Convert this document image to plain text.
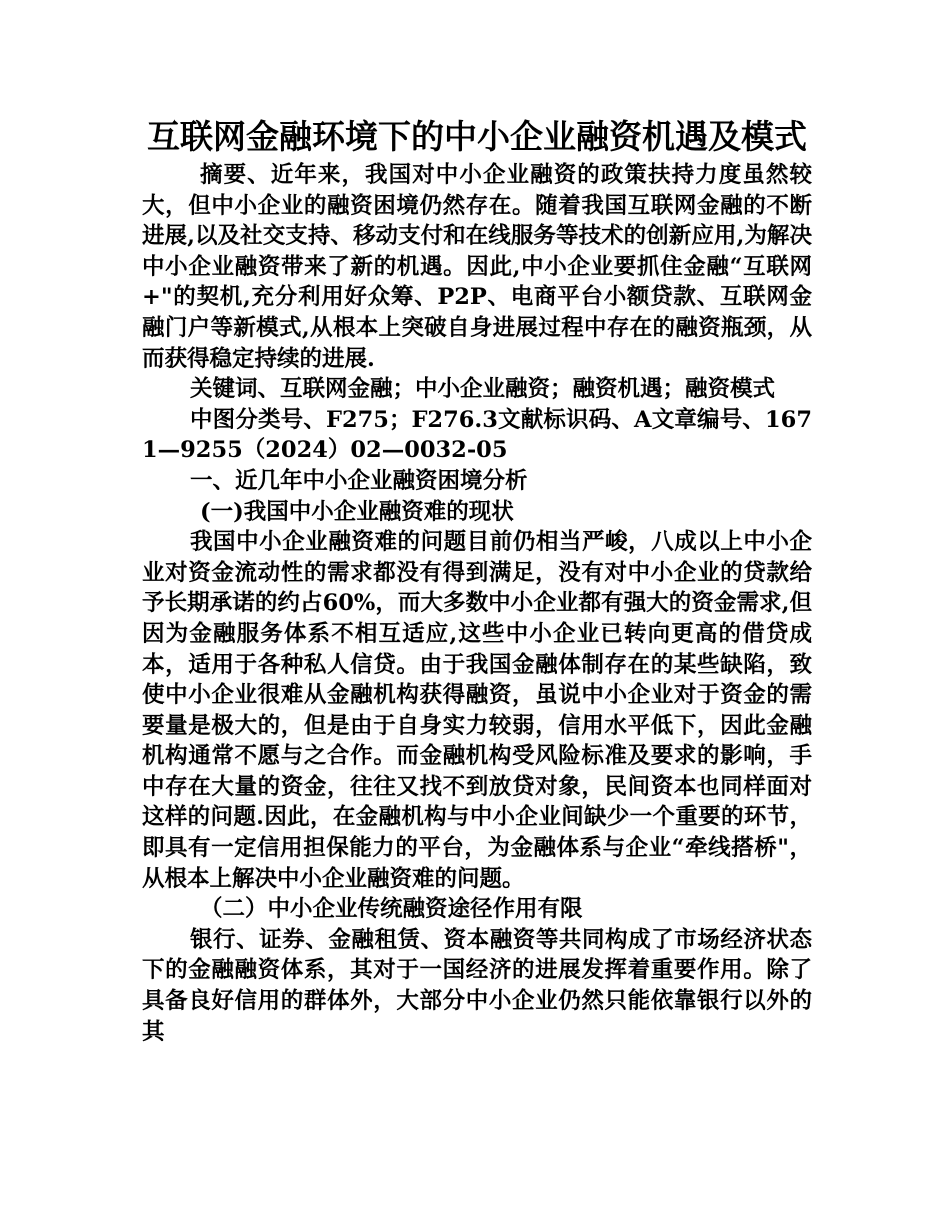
互联网金融环境下的中小企业融资机遇及模式

摘要、近年来，我国对中小企业融资的政策扶持力度虽然较大，但中小企业的融资困境仍然存在。随着我国互联网金融的不断进展,以及社交支持、移动支付和在线服务等技术的创新应用,为解决中小企业融资带来了新的机遇。因此,中小企业要抓住金融“互联网+"的契机,充分利用好众筹、P2P、电商平台小额贷款、互联网金融门户等新模式,从根本上突破自身进展过程中存在的融资瓶颈，从而获得稳定持续的进展.

关键词、互联网金融；中小企业融资；融资机遇；融资模式

中图分类号、F275；F276.3文献标识码、A文章编号、1671—9255（2024）02—0032-05

一、近几年中小企业融资困境分析

(一)我国中小企业融资难的现状

我国中小企业融资难的问题目前仍相当严峻，八成以上中小企业对资金流动性的需求都没有得到满足，没有对中小企业的贷款给予长期承诺的约占60%，而大多数中小企业都有强大的资金需求,但因为金融服务体系不相互适应,这些中小企业已转向更高的借贷成本，适用于各种私人信贷。由于我国金融体制存在的某些缺陷，致使中小企业很难从金融机构获得融资，虽说中小企业对于资金的需要量是极大的，但是由于自身实力较弱，信用水平低下，因此金融机构通常不愿与之合作。而金融机构受风险标准及要求的影响，手中存在大量的资金，往往又找不到放贷对象，民间资本也同样面对这样的问题.因此，在金融机构与中小企业间缺少一个重要的环节，即具有一定信用担保能力的平台，为金融体系与企业“牵线搭桥"，从根本上解决中小企业融资难的问题。

（二）中小企业传统融资途径作用有限

银行、证券、金融租赁、资本融资等共同构成了市场经济状态下的金融融资体系，其对于一国经济的进展发挥着重要作用。除了具备良好信用的群体外，大部分中小企业仍然只能依靠银行以外的其
